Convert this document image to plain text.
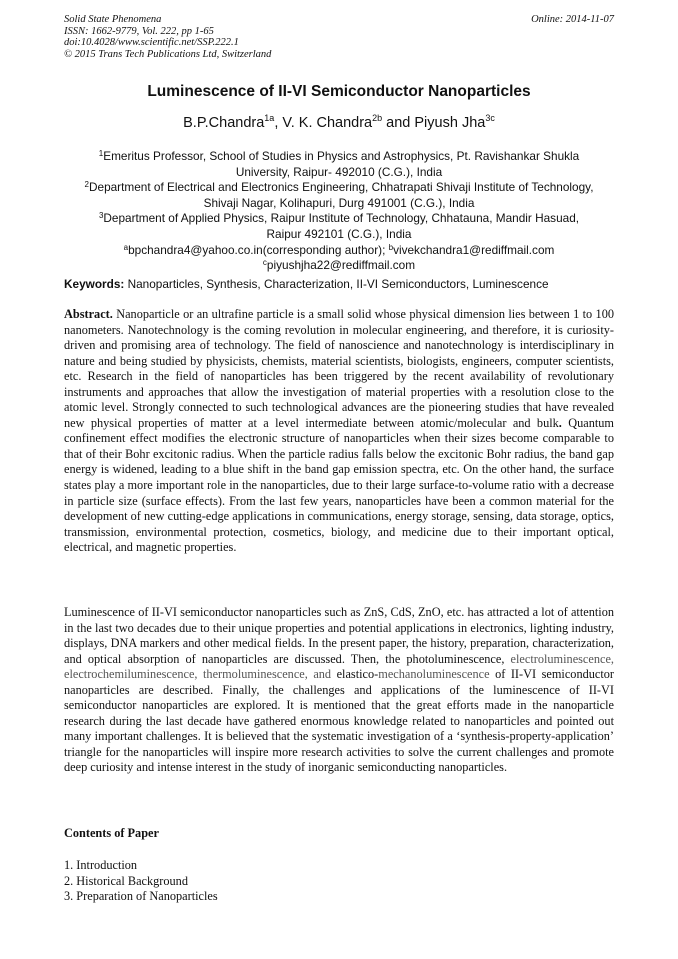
Solid State Phenomena
ISSN: 1662-9779, Vol. 222, pp 1-65
doi:10.4028/www.scientific.net/SSP.222.1
© 2015 Trans Tech Publications Ltd, Switzerland
Online: 2014-11-07
Luminescence of II-VI Semiconductor Nanoparticles
B.P.Chandra$^{1a}$, V. K. Chandra$^{2b}$ and Piyush Jha$^{3c}$
$^1$Emeritus Professor, School of Studies in Physics and Astrophysics, Pt. Ravishankar Shukla
University, Raipur- 492010 (C.G.), India
$^2$Department of Electrical and Electronics Engineering, Chhatrapati Shivaji Institute of Technology,
Shivaji Nagar, Kolihapuri, Durg 491001 (C.G.), India
$^3$Department of Applied Physics, Raipur Institute of Technology, Chhatauna, Mandir Hasuad,
Raipur 492101 (C.G.), India
$^a$bpchandra4@yahoo.co.in(corresponding author); $^b$vivekchandra1@rediffmail.com
$^c$piyushjha22@rediffmail.com
Keywords: Nanoparticles, Synthesis, Characterization, II-VI Semiconductors, Luminescence
Abstract. Nanoparticle or an ultrafine particle is a small solid whose physical dimension lies between 1 to 100 nanometers. Nanotechnology is the coming revolution in molecular engineering, and therefore, it is curiosity-driven and promising area of technology. The field of nanoscience and nanotechnology is interdisciplinary in nature and being studied by physicists, chemists, material scientists, biologists, engineers, computer scientists, etc. Research in the field of nanoparticles has been triggered by the recent availability of revolutionary instruments and approaches that allow the investigation of material properties with a resolution close to the atomic level. Strongly connected to such technological advances are the pioneering studies that have revealed new physical properties of matter at a level intermediate between atomic/molecular and bulk. Quantum confinement effect modifies the electronic structure of nanoparticles when their sizes become comparable to that of their Bohr excitonic radius. When the particle radius falls below the excitonic Bohr radius, the band gap energy is widened, leading to a blue shift in the band gap emission spectra, etc. On the other hand, the surface states play a more important role in the nanoparticles, due to their large surface-to-volume ratio with a decrease in particle size (surface effects). From the last few years, nanoparticles have been a common material for the development of new cutting-edge applications in communications, energy storage, sensing, data storage, optics, transmission, environmental protection, cosmetics, biology, and medicine due to their important optical, electrical, and magnetic properties.
Luminescence of II-VI semiconductor nanoparticles such as ZnS, CdS, ZnO, etc. has attracted a lot of attention in the last two decades due to their unique properties and potential applications in electronics, lighting industry, displays, DNA markers and other medical fields. In the present paper, the history, preparation, characterization, and optical absorption of nanoparticles are discussed. Then, the photoluminescence, electroluminescence, electrochemiluminescence, thermoluminescence, and elastico-mechanoluminescence of II-VI semiconductor nanoparticles are described. Finally, the challenges and applications of the luminescence of II-VI semiconductor nanoparticles are explored. It is mentioned that the great efforts made in the nanoparticle research during the last decade have gathered enormous knowledge related to nanoparticles and pointed out many important challenges. It is believed that the systematic investigation of a ‘synthesis-property-application’ triangle for the nanoparticles will inspire more research activities to solve the current challenges and promote deep curiosity and intense interest in the study of inorganic semiconducting nanoparticles.
Contents of Paper
1. Introduction
2. Historical Background
3. Preparation of Nanoparticles
